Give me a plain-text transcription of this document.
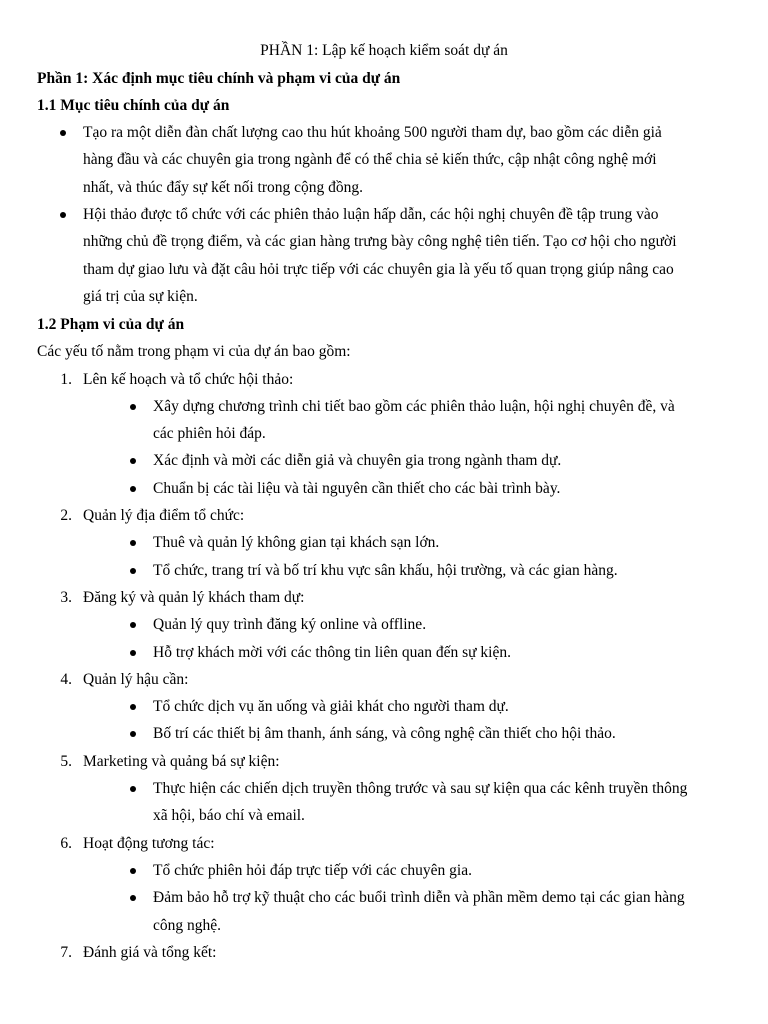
PHẦN 1: Lập kế hoạch kiểm soát dự án
Phần 1: Xác định mục tiêu chính và phạm vi của dự án
1.1 Mục tiêu chính của dự án
Tạo ra một diễn đàn chất lượng cao thu hút khoảng 500 người tham dự, bao gồm các diễn giả
hàng đầu và các chuyên gia trong ngành để có thể chia sẻ kiến thức, cập nhật công nghệ mới
nhất, và thúc đẩy sự kết nối trong cộng đồng.
Hội thảo được tổ chức với các phiên thảo luận hấp dẫn, các hội nghị chuyên đề tập trung vào
những chủ đề trọng điểm, và các gian hàng trưng bày công nghệ tiên tiến. Tạo cơ hội cho người
tham dự giao lưu và đặt câu hỏi trực tiếp với các chuyên gia là yếu tố quan trọng giúp nâng cao
giá trị của sự kiện.
1.2 Phạm vi của dự án
Các yếu tố nằm trong phạm vi của dự án bao gồm:
1. Lên kế hoạch và tổ chức hội thảo:
Xây dựng chương trình chi tiết bao gồm các phiên thảo luận, hội nghị chuyên đề, và
các phiên hỏi đáp.
Xác định và mời các diễn giả và chuyên gia trong ngành tham dự.
Chuẩn bị các tài liệu và tài nguyên cần thiết cho các bài trình bày.
2. Quản lý địa điểm tổ chức:
Thuê và quản lý không gian tại khách sạn lớn.
Tổ chức, trang trí và bố trí khu vực sân khấu, hội trường, và các gian hàng.
3. Đăng ký và quản lý khách tham dự:
Quản lý quy trình đăng ký online và offline.
Hỗ trợ khách mời với các thông tin liên quan đến sự kiện.
4. Quản lý hậu cần:
Tổ chức dịch vụ ăn uống và giải khát cho người tham dự.
Bố trí các thiết bị âm thanh, ánh sáng, và công nghệ cần thiết cho hội thảo.
5. Marketing và quảng bá sự kiện:
Thực hiện các chiến dịch truyền thông trước và sau sự kiện qua các kênh truyền thông
xã hội, báo chí và email.
6. Hoạt động tương tác:
Tổ chức phiên hỏi đáp trực tiếp với các chuyên gia.
Đảm bảo hỗ trợ kỹ thuật cho các buổi trình diễn và phần mềm demo tại các gian hàng
công nghệ.
7. Đánh giá và tổng kết:
